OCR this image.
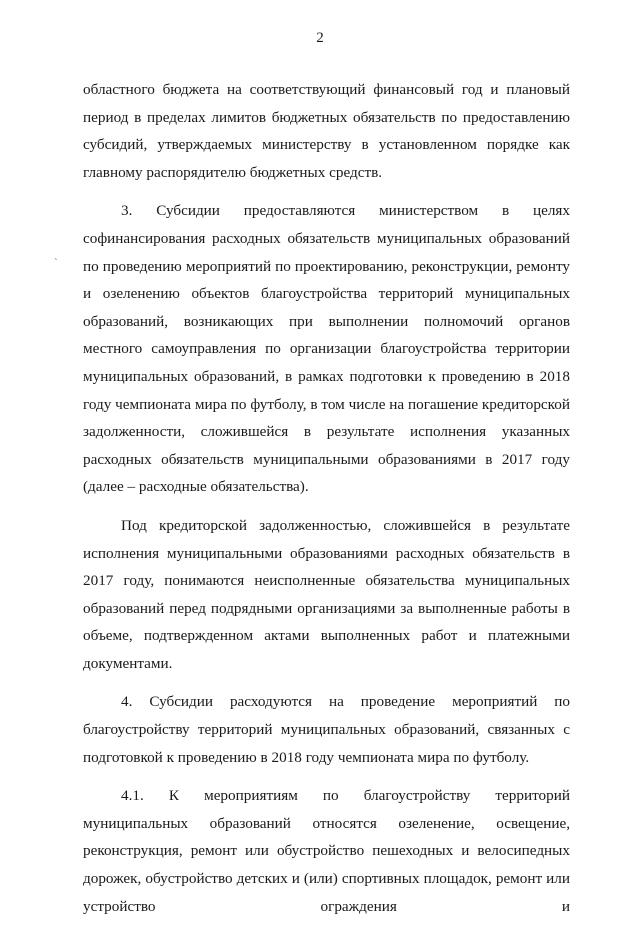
2
`

областного бюджета на соответствующий финансовый год и плановый период в пределах лимитов бюджетных обязательств по предоставлению субсидий, утверждаемых министерству в установленном порядке как главному распорядителю бюджетных средств.

3. Субсидии предоставляются министерством в целях софинансирования расходных обязательств муниципальных образований по проведению мероприятий по проектированию, реконструкции, ремонту и озеленению объектов благоустройства территорий муниципальных образований, возникающих при выполнении полномочий органов местного самоуправления по организации благоустройства территории муниципальных образований, в рамках подготовки к проведению в 2018 году чемпионата мира по футболу, в том числе на погашение кредиторской задолженности, сложившейся в результате исполнения указанных расходных обязательств муниципальными образованиями в 2017 году (далее – расходные обязательства).

Под кредиторской задолженностью, сложившейся в результате исполнения муниципальными образованиями расходных обязательств в 2017 году, понимаются неисполненные обязательства муниципальных образований перед подрядными организациями за выполненные работы в объеме, подтвержденном актами выполненных работ и платежными документами.

4. Субсидии расходуются на проведение мероприятий по благоустройству территорий муниципальных образований, связанных с подготовкой к проведению в 2018 году чемпионата мира по футболу.

4.1. К мероприятиям по благоустройству территорий муниципальных образований относятся озеленение, освещение, реконструкция, ремонт или обустройство пешеходных и велосипедных дорожек, обустройство детских и (или) спортивных площадок, ремонт или устройство ограждения и
